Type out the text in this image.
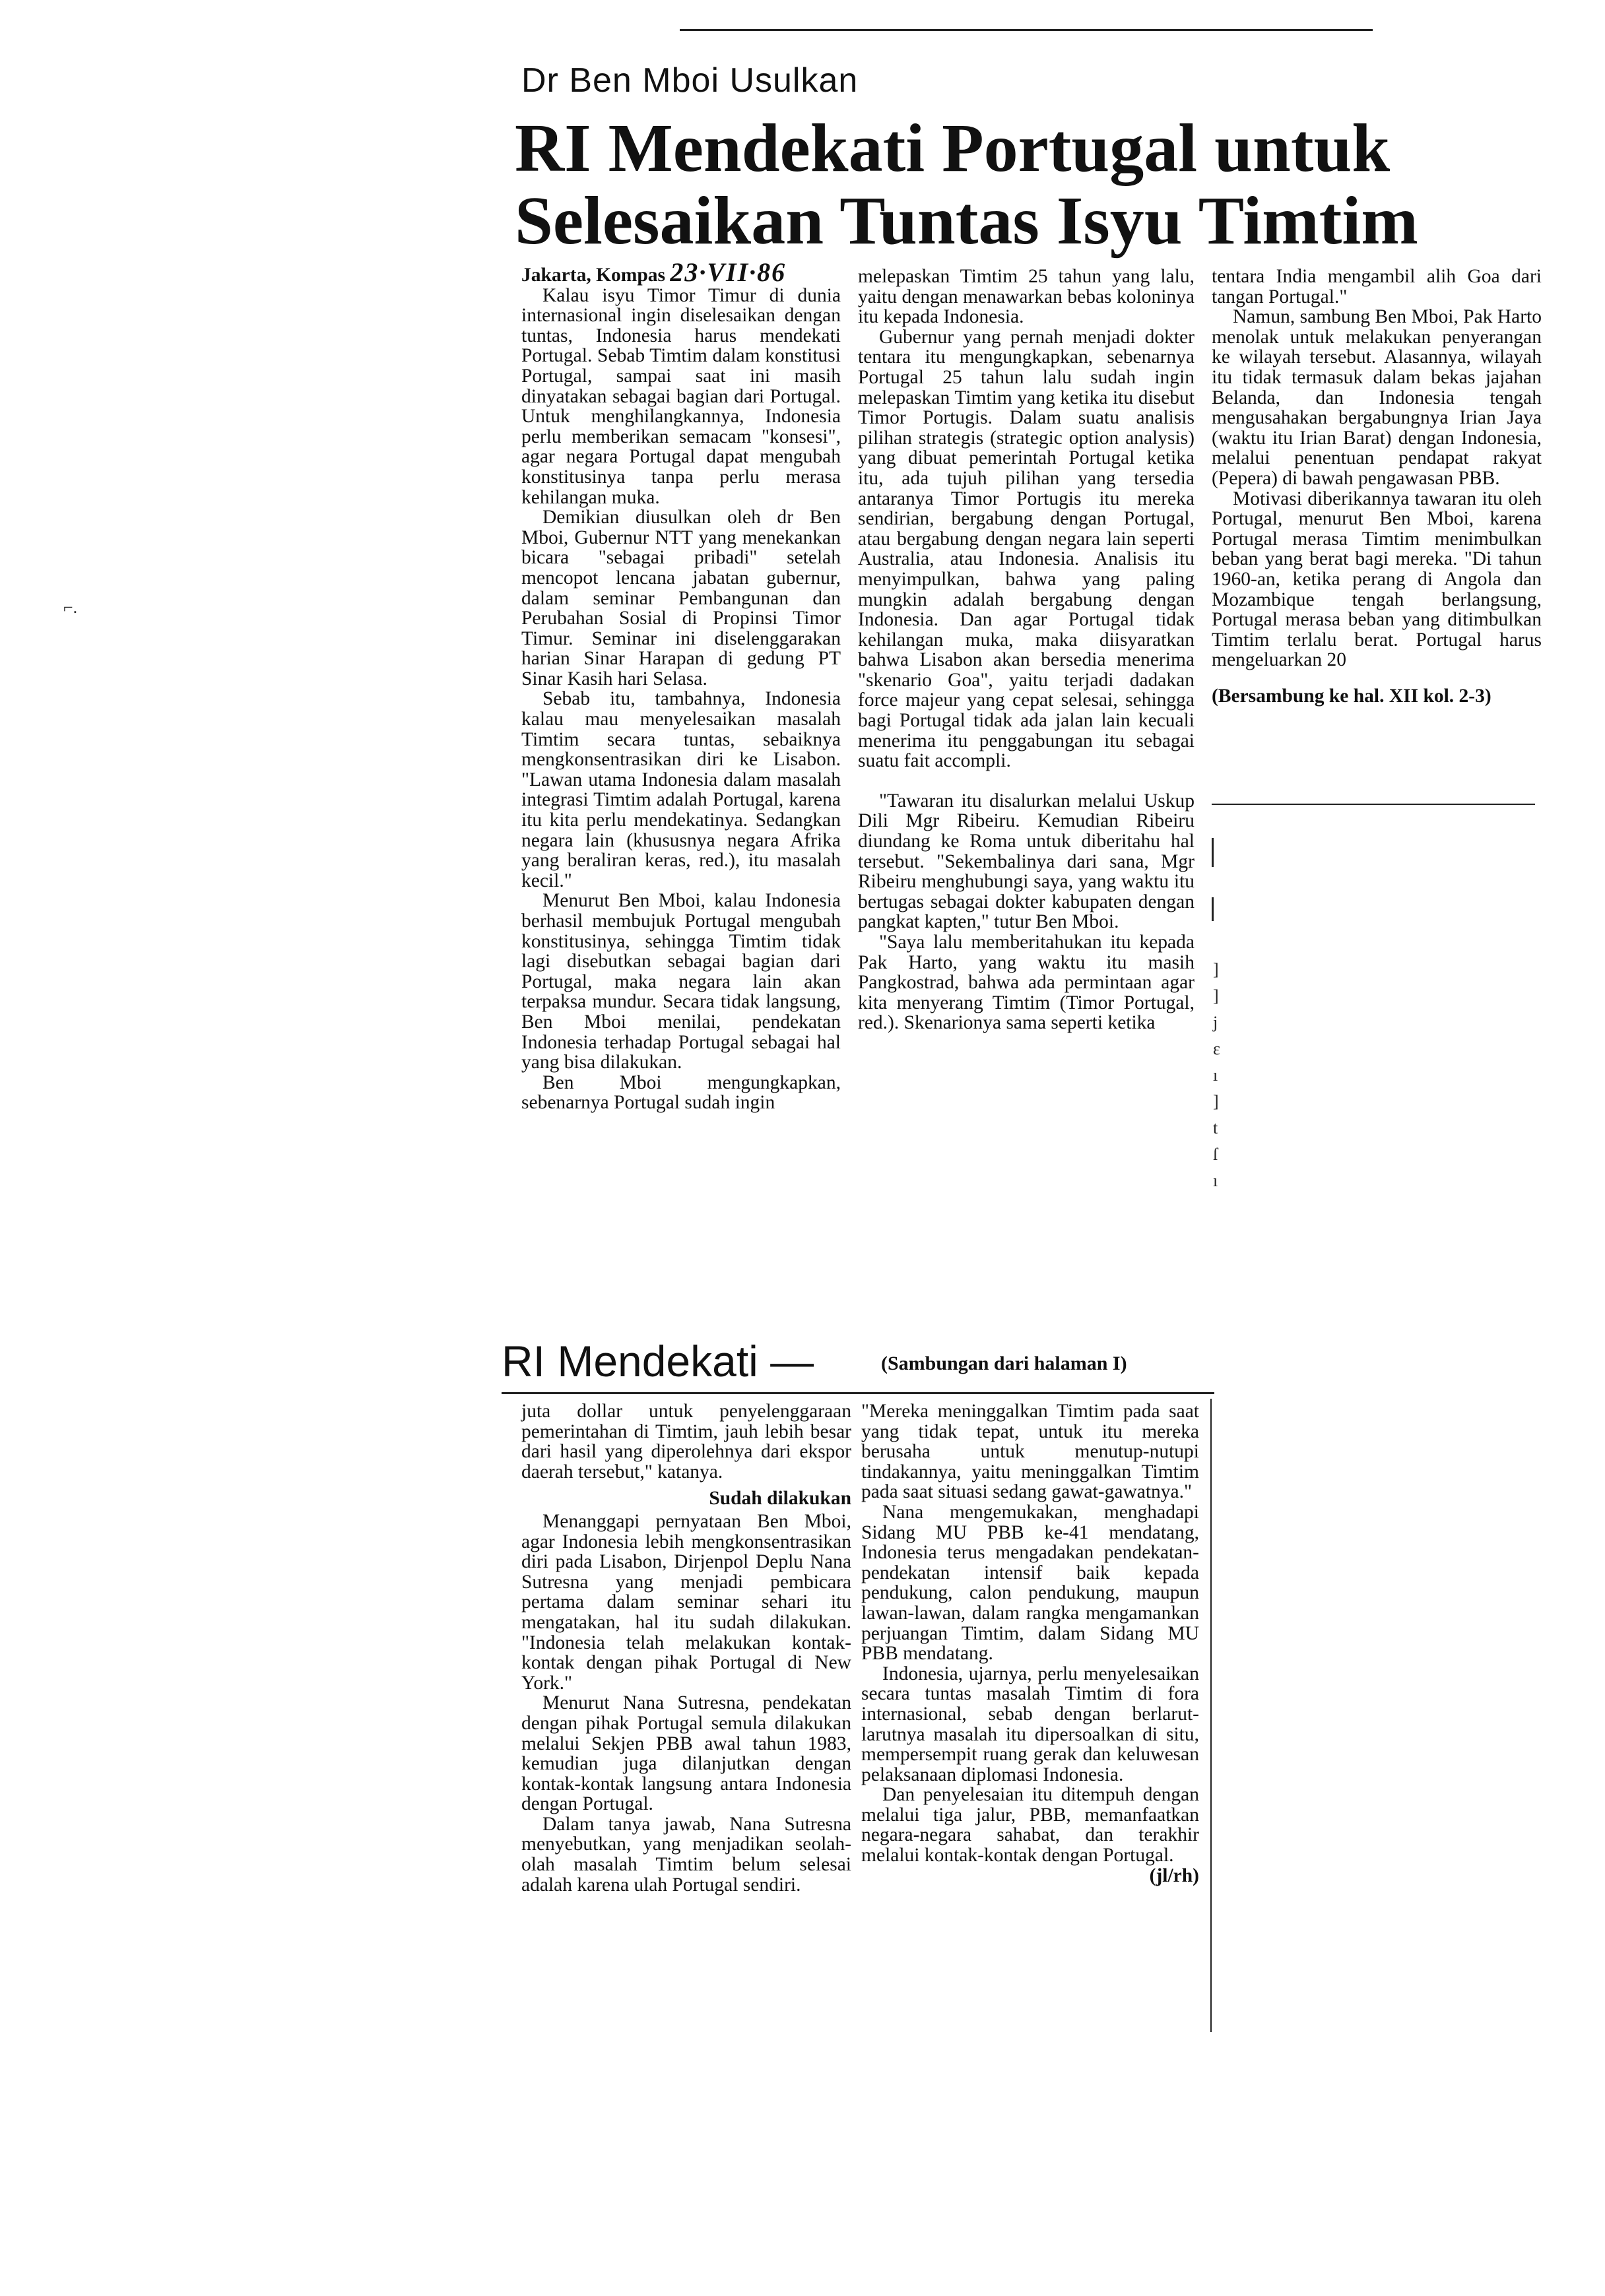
⌐.
Dr Ben Mboi Usulkan
RI Mendekati Portugal untuk
Selesaikan Tuntas Isyu Timtim

Jakarta, Kompas 23·VII·86

Kalau isyu Timor Timur di dunia internasional ingin diselesaikan dengan tuntas, Indonesia harus mendekati Portugal. Sebab Timtim dalam konstitusi Portugal, sampai saat ini masih dinyatakan sebagai bagian dari Portugal. Untuk menghilangkannya, Indonesia perlu memberikan semacam "konsesi", agar negara Portugal dapat mengubah konstitusinya tanpa perlu merasa kehilangan muka.

Demikian diusulkan oleh dr Ben Mboi, Gubernur NTT yang menekankan bicara "sebagai pribadi" setelah mencopot lencana jabatan gubernur, dalam seminar Pembangunan dan Perubahan Sosial di Propinsi Timor Timur. Seminar ini diselenggarakan harian Sinar Harapan di gedung PT Sinar Kasih hari Selasa.

Sebab itu, tambahnya, Indonesia kalau mau menyelesaikan masalah Timtim secara tuntas, sebaiknya mengkonsentrasikan diri ke Lisabon. "Lawan utama Indonesia dalam masalah integrasi Timtim adalah Portugal, karena itu kita perlu mendekatinya. Sedangkan negara lain (khususnya negara Afrika yang beraliran keras, red.), itu masalah kecil."

Menurut Ben Mboi, kalau Indonesia berhasil membujuk Portugal mengubah konstitusinya, sehingga Timtim tidak lagi disebutkan sebagai bagian dari Portugal, maka negara lain akan terpaksa mundur. Secara tidak langsung, Ben Mboi menilai, pendekatan Indonesia terhadap Portugal sebagai hal yang bisa dilakukan.

Ben Mboi mengungkapkan, sebenarnya Portugal sudah ingin

melepaskan Timtim 25 tahun yang lalu, yaitu dengan menawarkan bebas koloninya itu kepada Indonesia.

Gubernur yang pernah menjadi dokter tentara itu mengungkapkan, sebenarnya Portugal 25 tahun lalu sudah ingin melepaskan Timtim yang ketika itu disebut Timor Portugis. Dalam suatu analisis pilihan strategis (strategic option analysis) yang dibuat pemerintah Portugal ketika itu, ada tujuh pilihan yang tersedia antaranya Timor Portugis itu mereka sendirian, bergabung dengan Portugal, atau bergabung dengan negara lain seperti Australia, atau Indonesia. Analisis itu menyimpulkan, bahwa yang paling mungkin adalah bergabung dengan Indonesia. Dan agar Portugal tidak kehilangan muka, maka diisyaratkan bahwa Lisabon akan bersedia menerima "skenario Goa", yaitu terjadi dadakan force majeur yang cepat selesai, sehingga bagi Portugal tidak ada jalan lain kecuali menerima itu penggabungan itu sebagai suatu fait accompli.

"Tawaran itu disalurkan melalui Uskup Dili Mgr Ribeiru. Kemudian Ribeiru diundang ke Roma untuk diberitahu hal tersebut. "Sekembalinya dari sana, Mgr Ribeiru menghubungi saya, yang waktu itu bertugas sebagai dokter kabupaten dengan pangkat kapten," tutur Ben Mboi.

"Saya lalu memberitahukan itu kepada Pak Harto, yang waktu itu masih Pangkostrad, bahwa ada permintaan agar kita menyerang Timtim (Timor Portugal, red.). Skenarionya sama seperti ketika

]
]
j
ε
ı
]
t
ſ
ı

tentara India mengambil alih Goa dari tangan Portugal."

Namun, sambung Ben Mboi, Pak Harto menolak untuk melakukan penyerangan ke wilayah tersebut. Alasannya, wilayah itu tidak termasuk dalam bekas jajahan Belanda, dan Indonesia tengah mengusahakan bergabungnya Irian Jaya (waktu itu Irian Barat) dengan Indonesia, melalui penentuan pendapat rakyat (Pepera) di bawah pengawasan PBB.

Motivasi diberikannya tawaran itu oleh Portugal, menurut Ben Mboi, karena Portugal merasa Timtim menimbulkan beban yang berat bagi mereka. "Di tahun 1960-an, ketika perang di Angola dan Mozambique tengah berlangsung, Portugal merasa beban yang ditimbulkan Timtim terlalu berat. Portugal harus mengeluarkan 20

(Bersambung ke hal. XII kol. 2-3)

RI Mendekati —	(Sambungan dari halaman I)

juta dollar untuk penyelenggaraan pemerintahan di Timtim, jauh lebih besar dari hasil yang diperolehnya dari ekspor daerah tersebut," katanya.

Sudah dilakukan

Menanggapi pernyataan Ben Mboi, agar Indonesia lebih mengkonsentrasikan diri pada Lisabon, Dirjenpol Deplu Nana Sutresna yang menjadi pembicara pertama dalam seminar sehari itu mengatakan, hal itu sudah dilakukan. "Indonesia telah melakukan kontak-kontak dengan pihak Portugal di New York."

Menurut Nana Sutresna, pendekatan dengan pihak Portugal semula dilakukan melalui Sekjen PBB awal tahun 1983, kemudian juga dilanjutkan dengan kontak-kontak langsung antara Indonesia dengan Portugal.

Dalam tanya jawab, Nana Sutresna menyebutkan, yang menjadikan seolah-olah masalah Timtim belum selesai adalah karena ulah Portugal sendiri.

"Mereka meninggalkan Timtim pada saat yang tidak tepat, untuk itu mereka berusaha untuk menutup-nutupi tindakannya, yaitu meninggalkan Timtim pada saat situasi sedang gawat-gawatnya."

Nana mengemukakan, menghadapi Sidang MU PBB ke-41 mendatang, Indonesia terus mengadakan pendekatan-pendekatan intensif baik kepada pendukung, calon pendukung, maupun lawan-lawan, dalam rangka mengamankan perjuangan Timtim, dalam Sidang MU PBB mendatang.

Indonesia, ujarnya, perlu menyelesaikan secara tuntas masalah Timtim di fora internasional, sebab dengan berlarut-larutnya masalah itu dipersoalkan di situ, mempersempit ruang gerak dan keluwesan pelaksanaan diplomasi Indonesia.

Dan penyelesaian itu ditempuh dengan melalui tiga jalur, PBB, memanfaatkan negara-negara sahabat, dan terakhir melalui kontak-kontak dengan Portugal.

(jl/rh)
